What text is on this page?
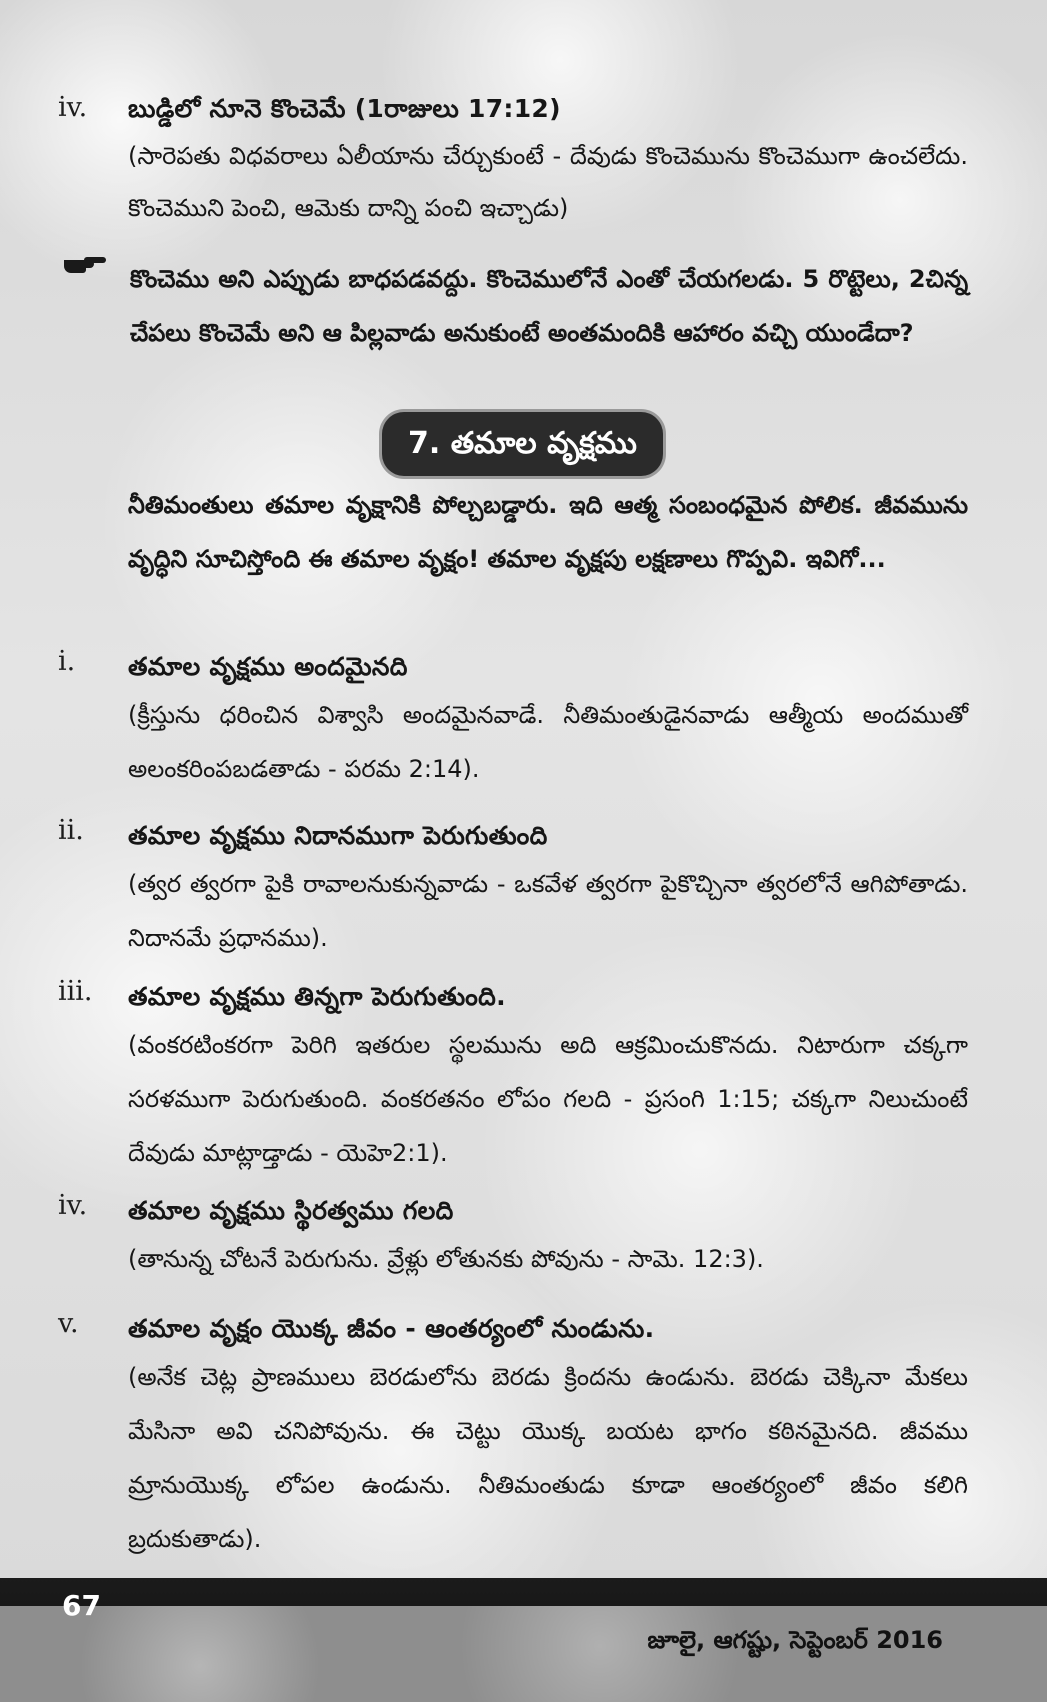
iv.	బుడ్డిలో నూనె కొంచెమే (1రాజులు 17:12)
(సారెపతు విధవరాలు ఏలీయాను చేర్చుకుంటే - దేవుడు కొంచెమును కొంచెముగా ఉంచలేదు. కొంచెముని పెంచి, ఆమెకు దాన్ని పంచి ఇచ్చాడు)
కొంచెము అని ఎప్పుడు బాధపడవద్దు. కొంచెములోనే ఎంతో చేయగలడు. 5 రొట్టెలు, 2చిన్న చేపలు కొంచెమే అని ఆ పిల్లవాడు అనుకుంటే అంతమందికి ఆహారం వచ్చి యుండేదా?
7. తమాల వృక్షము
నీతిమంతులు తమాల వృక్షానికి పోల్చబడ్డారు. ఇది ఆత్మ సంబంధమైన పోలిక. జీవమును వృద్ధిని సూచిస్తోంది ఈ తమాల వృక్షం! తమాల వృక్షపు లక్షణాలు గొప్పవి. ఇవిగో...
i.	తమాల వృక్షము అందమైనది
(క్రీస్తును ధరించిన విశ్వాసి అందమైనవాడే. నీతిమంతుడైనవాడు ఆత్మీయ అందముతో అలంకరింపబడతాడు - పరమ 2:14).
ii.	తమాల వృక్షము నిదానముగా పెరుగుతుంది
(త్వర త్వరగా పైకి రావాలనుకున్నవాడు - ఒకవేళ త్వరగా పైకొచ్చినా త్వరలోనే ఆగిపోతాడు. నిదానమే ప్రధానము).
iii.	తమాల వృక్షము తిన్నగా పెరుగుతుంది.
(వంకరటింకరగా పెరిగి ఇతరుల స్థలమును అది ఆక్రమించుకొనదు. నిటారుగా చక్కగా సరళముగా పెరుగుతుంది. వంకరతనం లోపం గలది - ప్రసంగి 1:15; చక్కగా నిలుచుంటే దేవుడు మాట్లాడ్తాడు - యెహె2:1).
iv.	తమాల వృక్షము స్థిరత్వము గలది
(తానున్న చోటనే పెరుగును. వ్రేళ్లు లోతునకు పోవును - సామె. 12:3).
v.	తమాల వృక్షం యొక్క జీవం - ఆంతర్యంలో నుండును.
(అనేక చెట్ల ప్రాణములు బెరడులోను బెరడు క్రిందను ఉండును. బెరడు చెక్కినా మేకలు మేసినా అవి చనిపోవును. ఈ చెట్టు యొక్క బయట భాగం కఠినమైనది. జీవము మ్రానుయొక్క లోపల ఉండును. నీతిమంతుడు కూడా ఆంతర్యంలో జీవం కలిగి బ్రదుకుతాడు).
67
జూలై, ఆగష్టు, సెప్టెంబర్ 2016
